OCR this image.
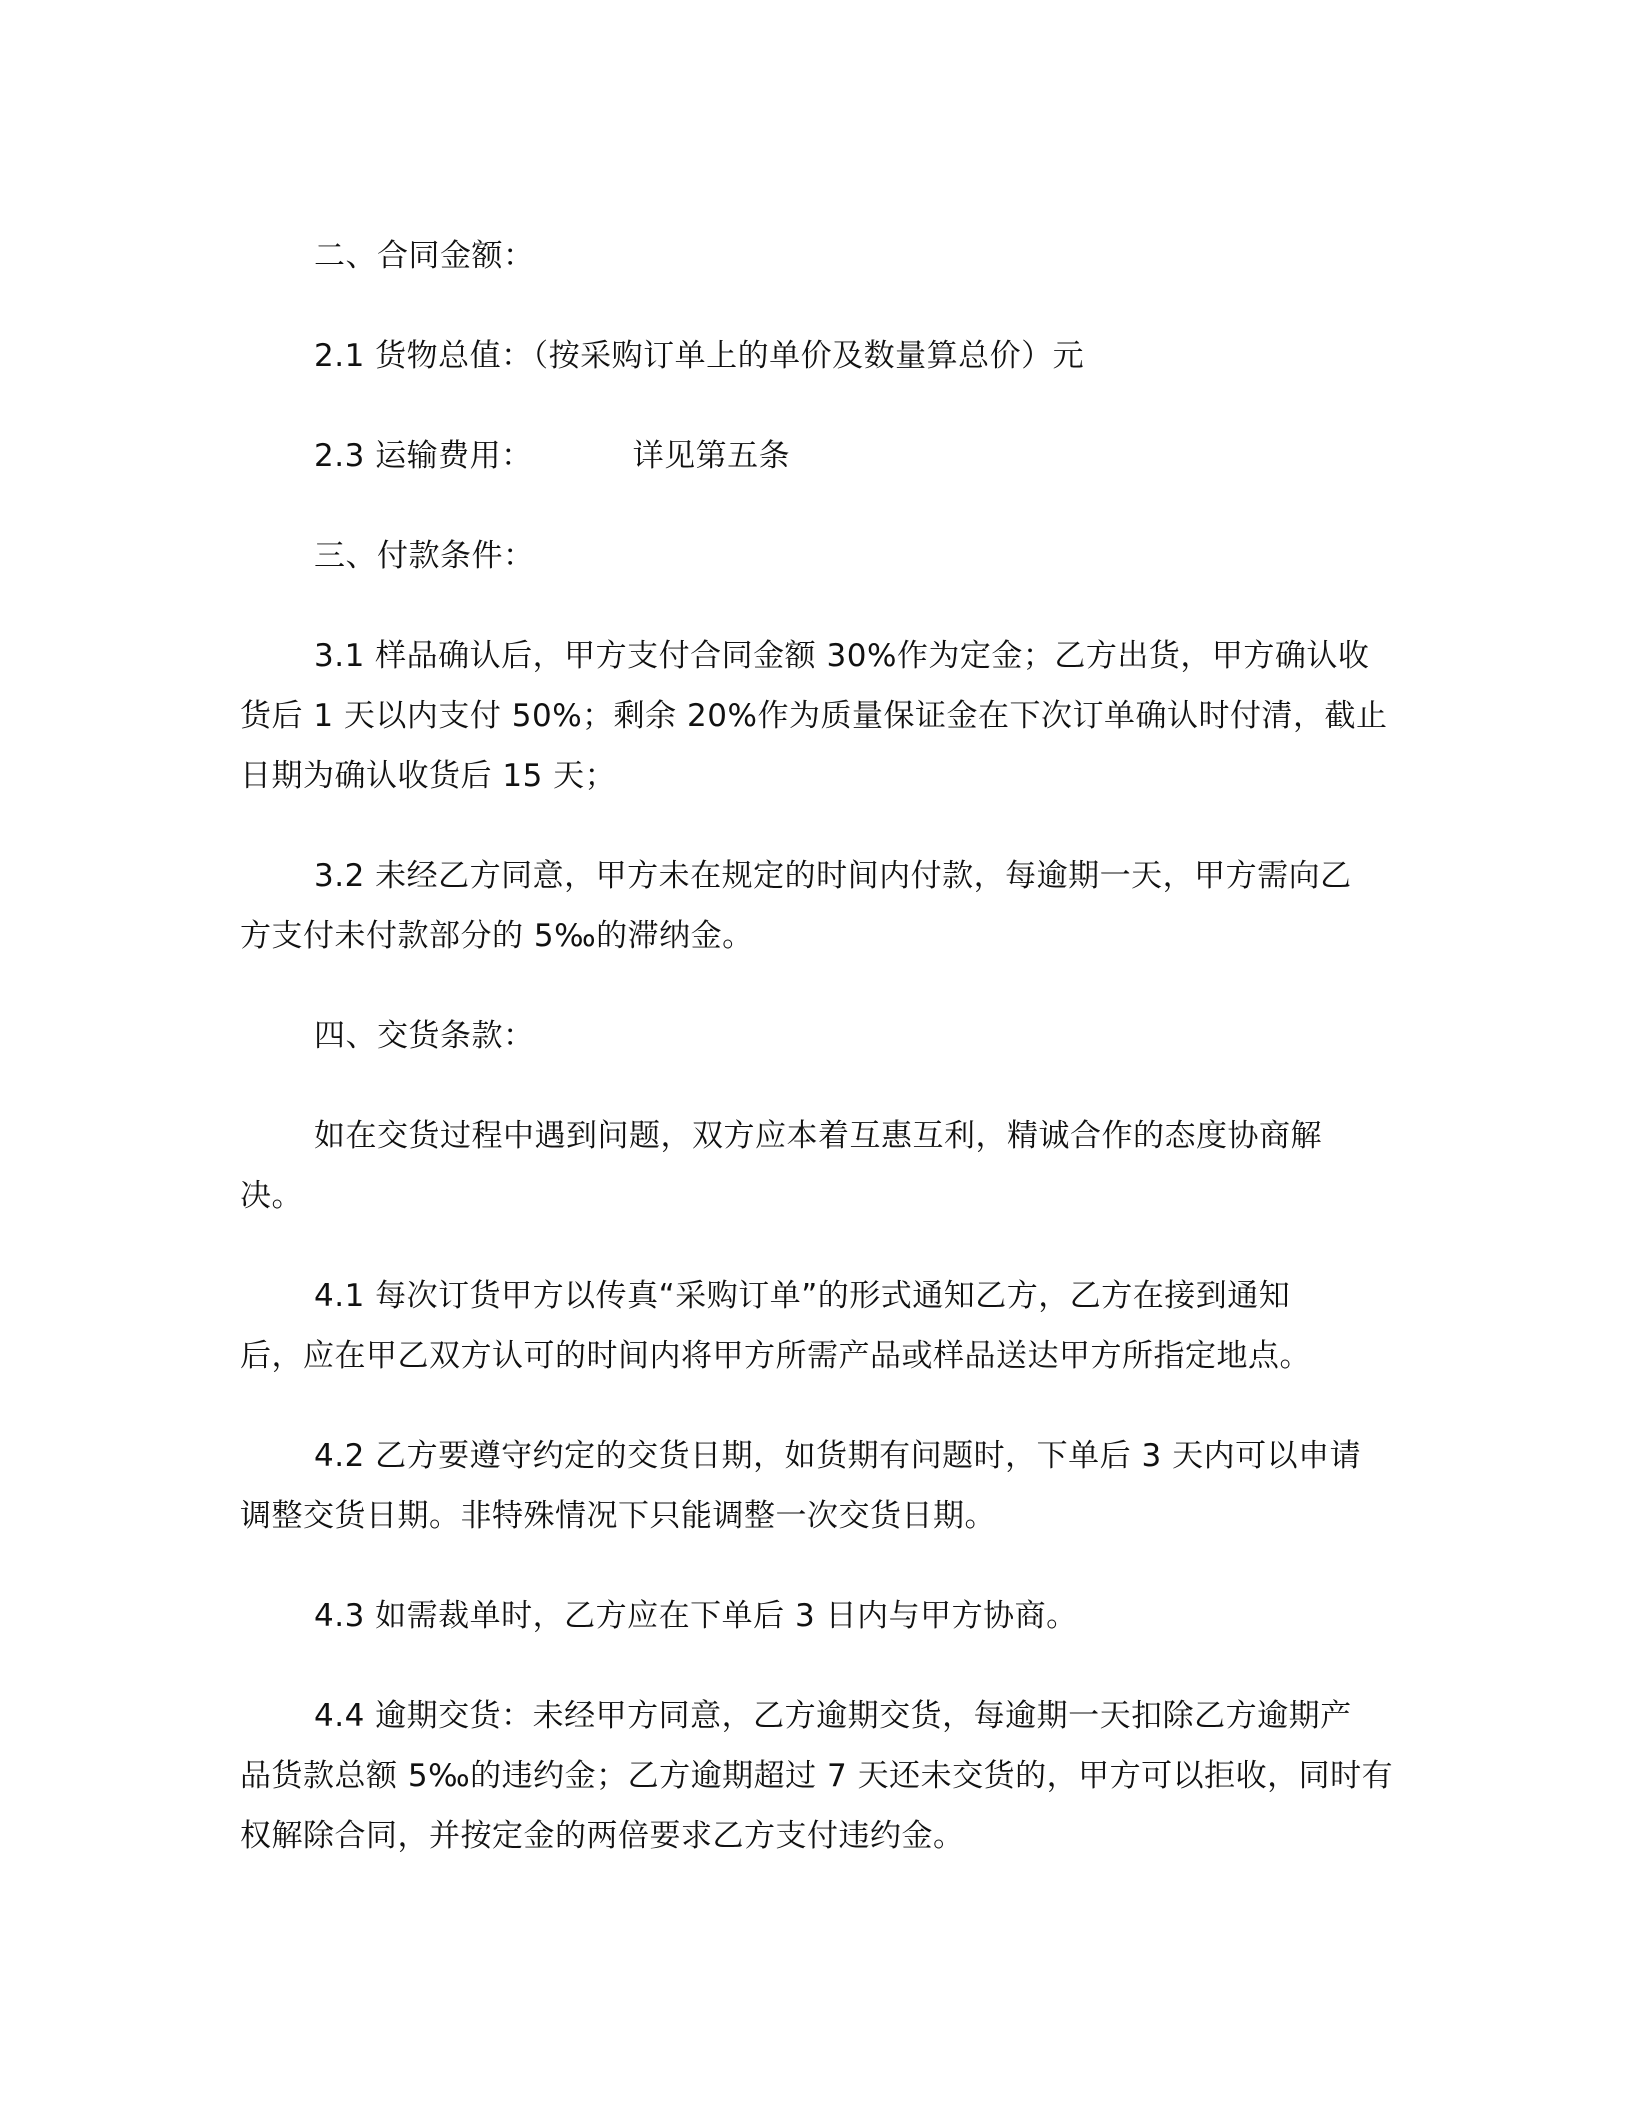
二、合同金额：
2.1 货物总值：（按采购订单上的单价及数量算总价）元
2.3 运输费用：	详见第五条
三、付款条件：
3.1 样品确认后，甲方支付合同金额 30%作为定金；乙方出货，甲方确认收
货后 1 天以内支付 50%；剩余 20%作为质量保证金在下次订单确认时付清，截止
日期为确认收货后 15 天；
3.2 未经乙方同意，甲方未在规定的时间内付款，每逾期一天，甲方需向乙
方支付未付款部分的 5‰的滞纳金。
四、交货条款：
如在交货过程中遇到问题，双方应本着互惠互利，精诚合作的态度协商解
决。
4.1 每次订货甲方以传真“采购订单”的形式通知乙方，乙方在接到通知
后，应在甲乙双方认可的时间内将甲方所需产品或样品送达甲方所指定地点。
4.2 乙方要遵守约定的交货日期，如货期有问题时，下单后 3 天内可以申请
调整交货日期。非特殊情况下只能调整一次交货日期。
4.3 如需裁单时，乙方应在下单后 3 日内与甲方协商。
4.4 逾期交货：未经甲方同意，乙方逾期交货，每逾期一天扣除乙方逾期产
品货款总额 5‰的违约金；乙方逾期超过 7 天还未交货的，甲方可以拒收，同时有
权解除合同，并按定金的两倍要求乙方支付违约金。
